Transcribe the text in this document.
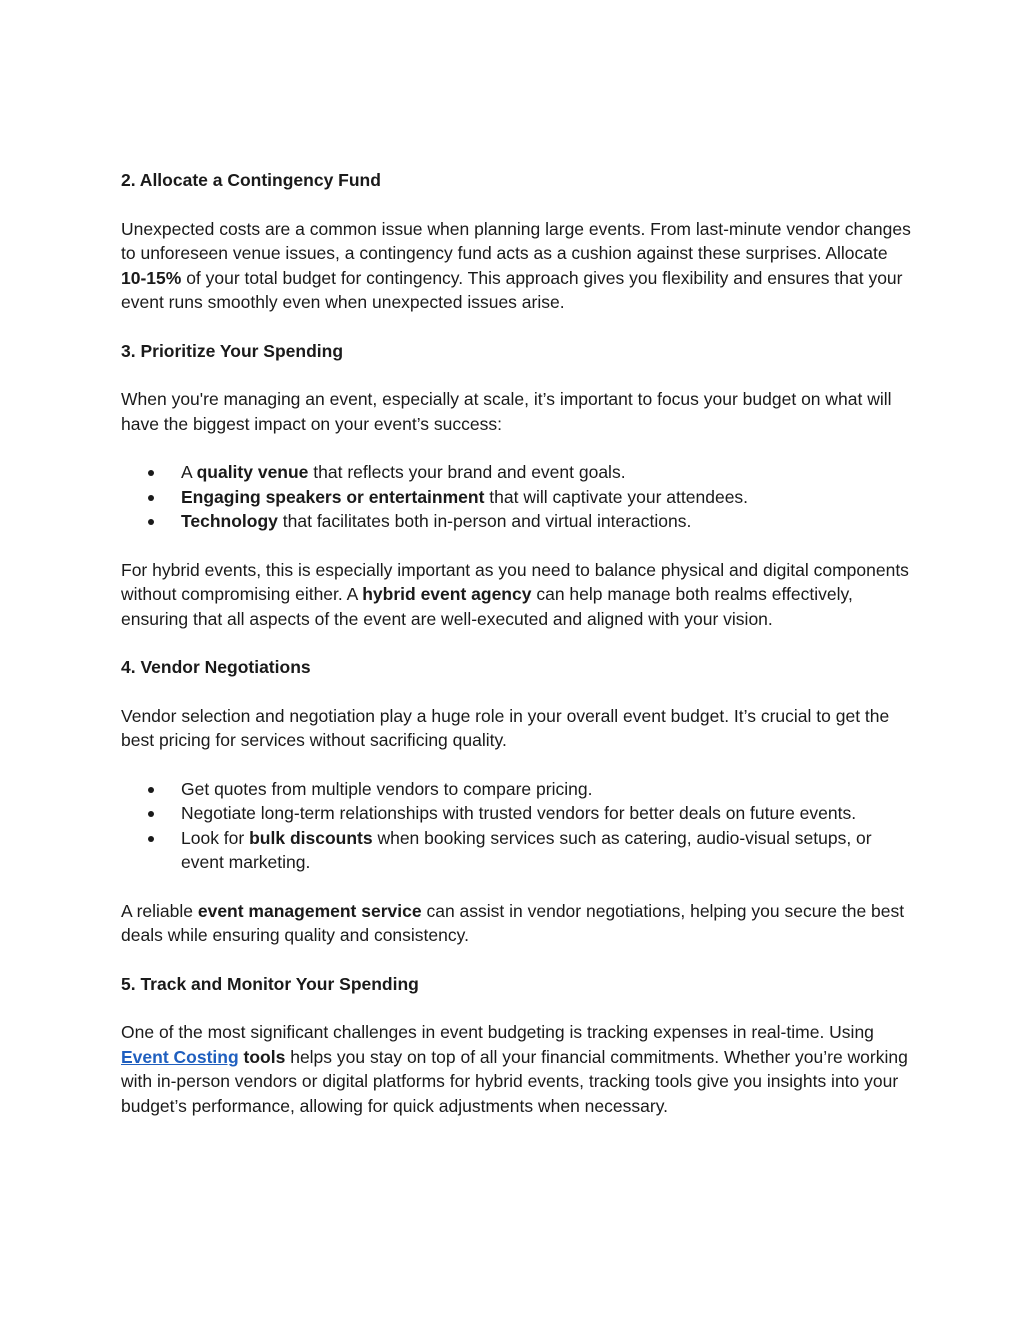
2. Allocate a Contingency Fund

Unexpected costs are a common issue when planning large events. From last-minute vendor changes to unforeseen venue issues, a contingency fund acts as a cushion against these surprises. Allocate 10-15% of your total budget for contingency. This approach gives you flexibility and ensures that your event runs smoothly even when unexpected issues arise.

3. Prioritize Your Spending

When you're managing an event, especially at scale, it’s important to focus your budget on what will have the biggest impact on your event’s success:

A quality venue that reflects your brand and event goals.
Engaging speakers or entertainment that will captivate your attendees.
Technology that facilitates both in-person and virtual interactions.

For hybrid events, this is especially important as you need to balance physical and digital components without compromising either. A hybrid event agency can help manage both realms effectively, ensuring that all aspects of the event are well-executed and aligned with your vision.

4. Vendor Negotiations

Vendor selection and negotiation play a huge role in your overall event budget. It’s crucial to get the best pricing for services without sacrificing quality.

Get quotes from multiple vendors to compare pricing.
Negotiate long-term relationships with trusted vendors for better deals on future events.
Look for bulk discounts when booking services such as catering, audio-visual setups, or event marketing.

A reliable event management service can assist in vendor negotiations, helping you secure the best deals while ensuring quality and consistency.

5. Track and Monitor Your Spending

One of the most significant challenges in event budgeting is tracking expenses in real-time. Using Event Costing tools helps you stay on top of all your financial commitments. Whether you’re working with in-person vendors or digital platforms for hybrid events, tracking tools give you insights into your budget’s performance, allowing for quick adjustments when necessary.
